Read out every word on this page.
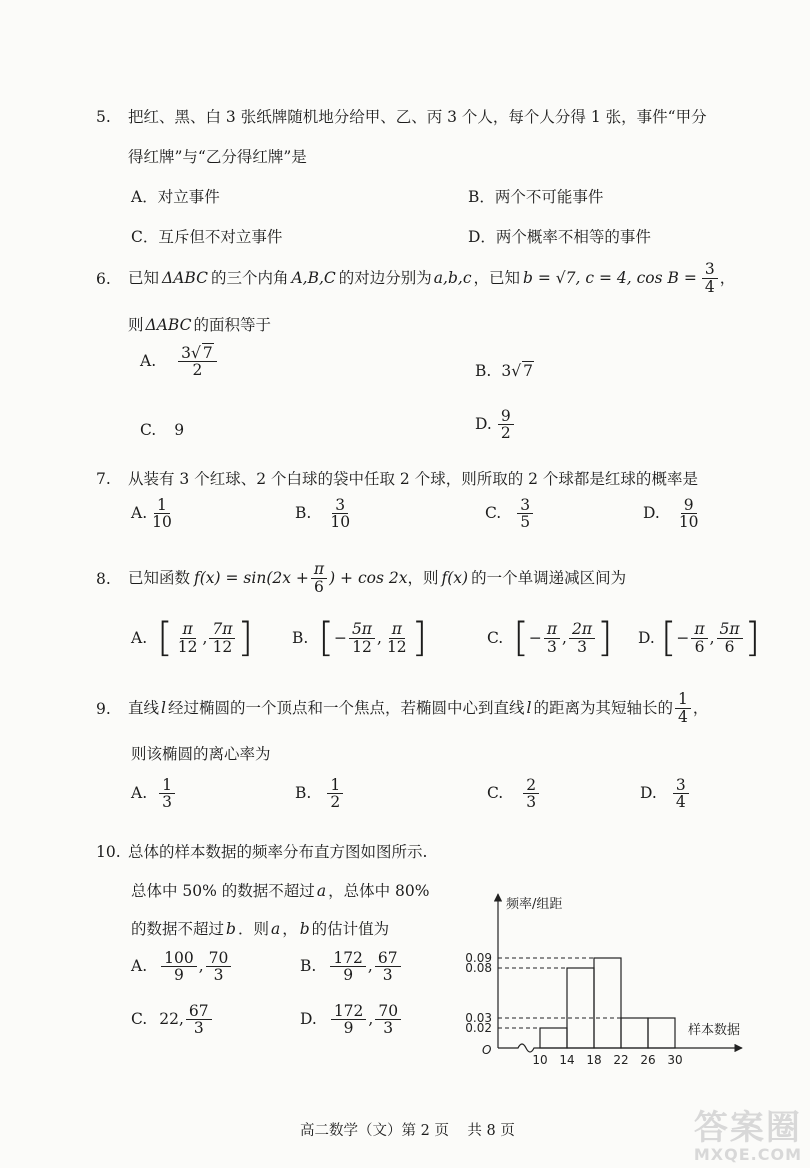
5. 把红、黑、白 3 张纸牌随机地分给甲、乙、丙 3 个人，每个人分得 1 张，事件“甲分
得红牌”与“乙分得红牌”是
A．对立事件	B．两个不可能事件
C．互斥但不对立事件	D．两个概率不相等的事件
6. 已知 ΔABC 的三个内角 A,B,C 的对边分别为 a,b,c ，已知 b = √7, c = 4, $\cos B = \frac{3}{4}$ ，
则 ΔABC 的面积等于
A. $\frac{3√ 7}{2}$	B. 3√ 7
C. 9	D. $\frac{9}{2}$
7. 从装有 3 个红球、2 个白球的袋中任取 2 个球，则所取的 2 个球都是红球的概率是
A. $\frac{1}{10}$	B. $\frac{3}{10}$	C. $\frac{3}{5}$	D. $\frac{9}{10}$
8. 已知函数 $f(x) = \sin(2x + \frac{\pi}{6}$ ) + cos 2x ，则 f(x) 的一个单调递减区间为
A. [ $\frac{\pi}{12}$ , $\frac{7\pi}{12}$ ]	B. [ − $\frac{5\pi}{12}$ , $\frac{\pi}{12}$ ]	C. [ − $\frac{\pi}{3}$ , $\frac{2\pi}{3}$ ] D. [ − $\frac{\pi}{6}$ , $\frac{5\pi}{6}$ ]
9. 直线 l 经过椭圆的一个顶点和一个焦点，若椭圆中心到直线 l 的距离为其短轴长的 $\frac{1}{4}$ ，
则该椭圆的离心率为
A. $\frac{1}{3}$	B. $\frac{1}{2}$	C. $\frac{2}{3}$	D. $\frac{3}{4}$
10. 总体的样本数据的频率分布直方图如图所示.
总体中 50% 的数据不超过 a ，总体中 80%
的数据不超过 b ．则 a ， b 的估计值为
A. $\frac{100}{9}$ , $\frac{70}{3}$	B. $\frac{172}{9}$ , $\frac{67}{3}$
C. 22, $\frac{67}{3}$	D. $\frac{172}{9}$ , $\frac{70}{3}$
频率/组距
样本数据
O
0.02
0.03
0.08
0.09
10 14 18 22 26 30
高二数学（文）第 2 页    共 8 页	答案圈
MXQE.COM
